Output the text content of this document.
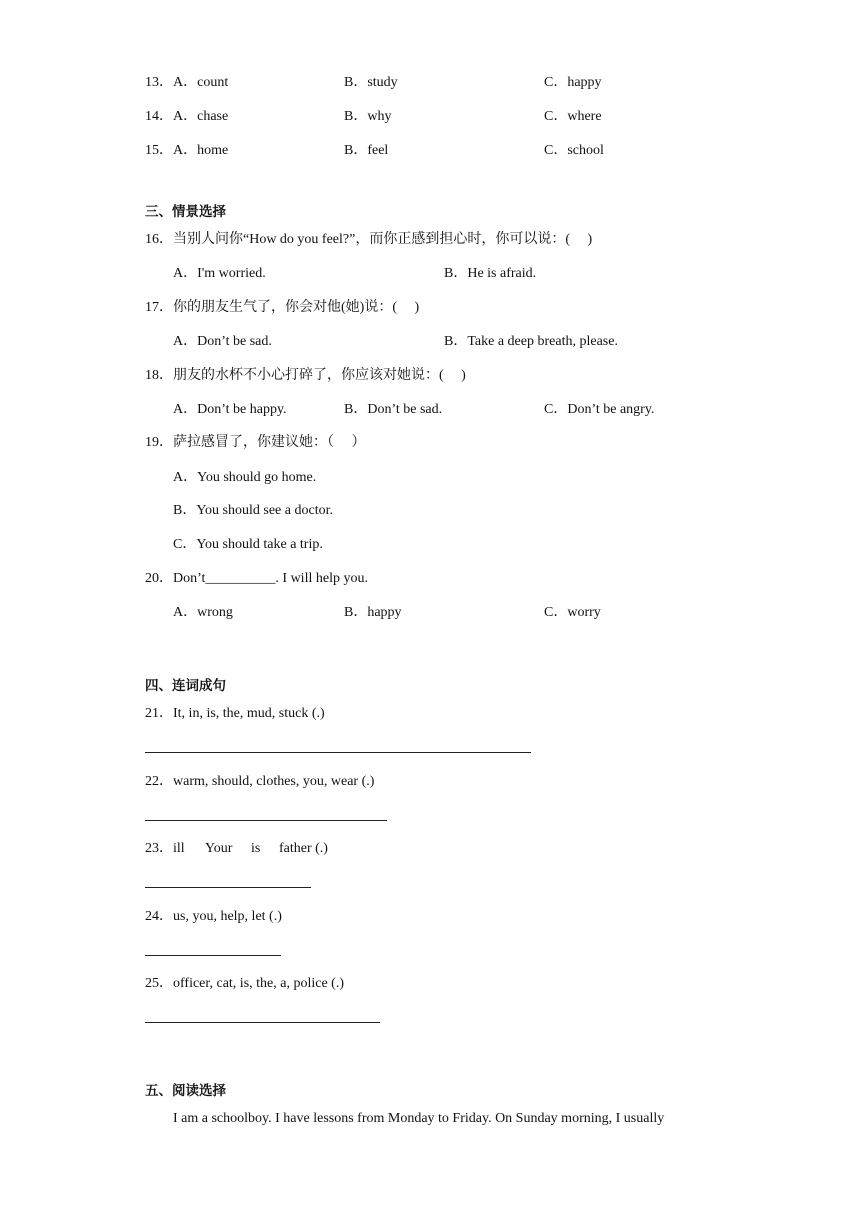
13．A．count	B．study	C．happy
14．A．chase	B．why	C．where
15．A．home	B．feel	C．school
三、情景选择
16．当别人问你“How do you feel?”，而你正感到担心时，你可以说：(　 )
A．I'm worried.	B．He is afraid.
17．你的朋友生气了，你会对他(她)说：(　 )
A．Don’t be sad.	B．Take a deep breath, please.
18．朋友的水杯不小心打碎了，你应该对她说：(　 )
A．Don’t be happy.	B．Don’t be sad.	C．Don’t be angry.
19．萨拉感冒了，你建议她：（　 ）
A．You should go home.
B．You should see a doctor.
C．You should take a trip.
20．Don’t__________. I will help you.
A．wrong	B．happy	C．worry
四、连词成句
21．It, in, is, the, mud, stuck (.)
22．warm, should, clothes, you, wear (.)
23．ill Your is father (.)
24．us, you, help, let (.)
25．officer, cat, is, the, a, police (.)
五、阅读选择
I am a schoolboy. I have lessons from Monday to Friday. On Sunday morning, I usually
